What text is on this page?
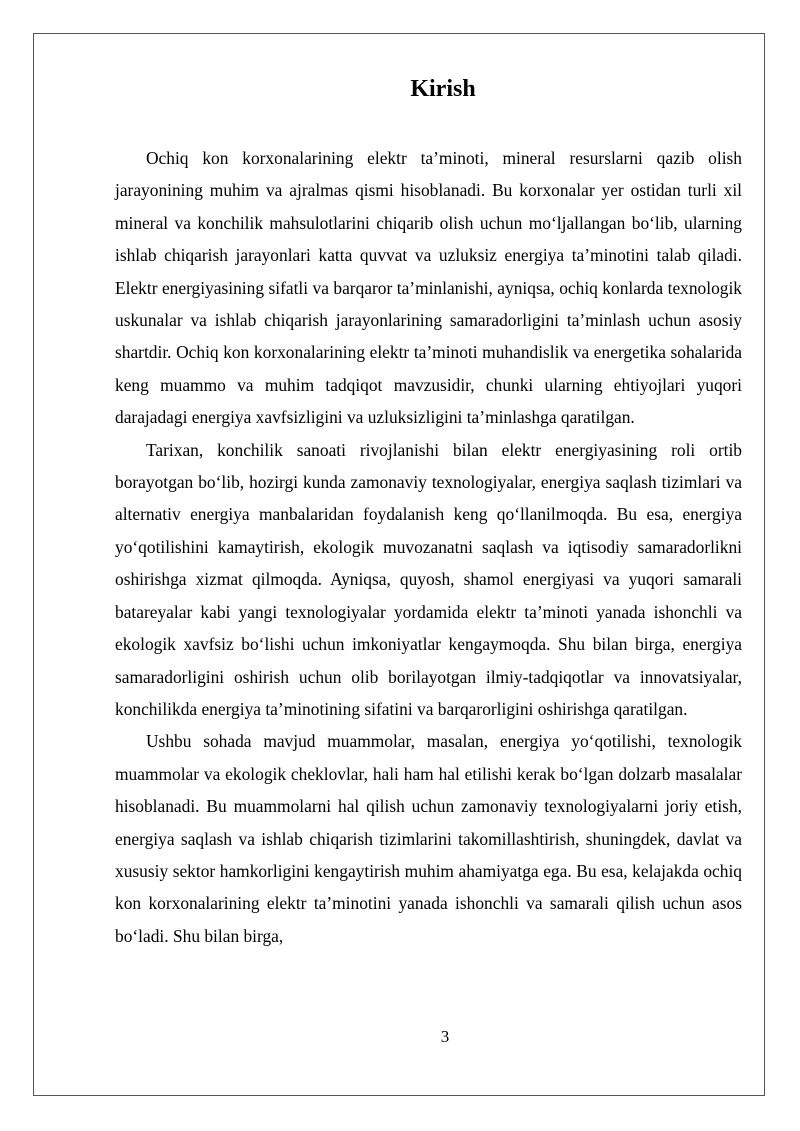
Kirish

Ochiq kon korxonalarining elektr ta’minoti, mineral resurslarni qazib olish jarayonining muhim va ajralmas qismi hisoblanadi. Bu korxonalar yer ostidan turli xil mineral va konchilik mahsulotlarini chiqarib olish uchun mo‘ljallangan bo‘lib, ularning ishlab chiqarish jarayonlari katta quvvat va uzluksiz energiya ta’minotini talab qiladi. Elektr energiyasining sifatli va barqaror ta’minlanishi, ayniqsa, ochiq konlarda texnologik uskunalar va ishlab chiqarish jarayonlarining samaradorligini ta’minlash uchun asosiy shartdir. Ochiq kon korxonalarining elektr ta’minoti muhandislik va energetika sohalarida keng muammo va muhim tadqiqot mavzusidir, chunki ularning ehtiyojlari yuqori darajadagi energiya xavfsizligini va uzluksizligini ta’minlashga qaratilgan.

Tarixan, konchilik sanoati rivojlanishi bilan elektr energiyasining roli ortib borayotgan bo‘lib, hozirgi kunda zamonaviy texnologiyalar, energiya saqlash tizimlari va alternativ energiya manbalaridan foydalanish keng qo‘llanilmoqda. Bu esa, energiya yo‘qotilishini kamaytirish, ekologik muvozanatni saqlash va iqtisodiy samaradorlikni oshirishga xizmat qilmoqda. Ayniqsa, quyosh, shamol energiyasi va yuqori samarali batareyalar kabi yangi texnologiyalar yordamida elektr ta’minoti yanada ishonchli va ekologik xavfsiz bo‘lishi uchun imkoniyatlar kengaymoqda. Shu bilan birga, energiya samaradorligini oshirish uchun olib borilayotgan ilmiy-tadqiqotlar va innovatsiyalar, konchilikda energiya ta’minotining sifatini va barqarorligini oshirishga qaratilgan.

Ushbu sohada mavjud muammolar, masalan, energiya yo‘qotilishi, texnologik muammolar va ekologik cheklovlar, hali ham hal etilishi kerak bo‘lgan dolzarb masalalar hisoblanadi. Bu muammolarni hal qilish uchun zamonaviy texnologiyalarni joriy etish, energiya saqlash va ishlab chiqarish tizimlarini takomillashtirish, shuningdek, davlat va xususiy sektor hamkorligini kengaytirish muhim ahamiyatga ega. Bu esa, kelajakda ochiq kon korxonalarining elektr ta’minotini yanada ishonchli va samarali qilish uchun asos bo‘ladi. Shu bilan birga,

3
